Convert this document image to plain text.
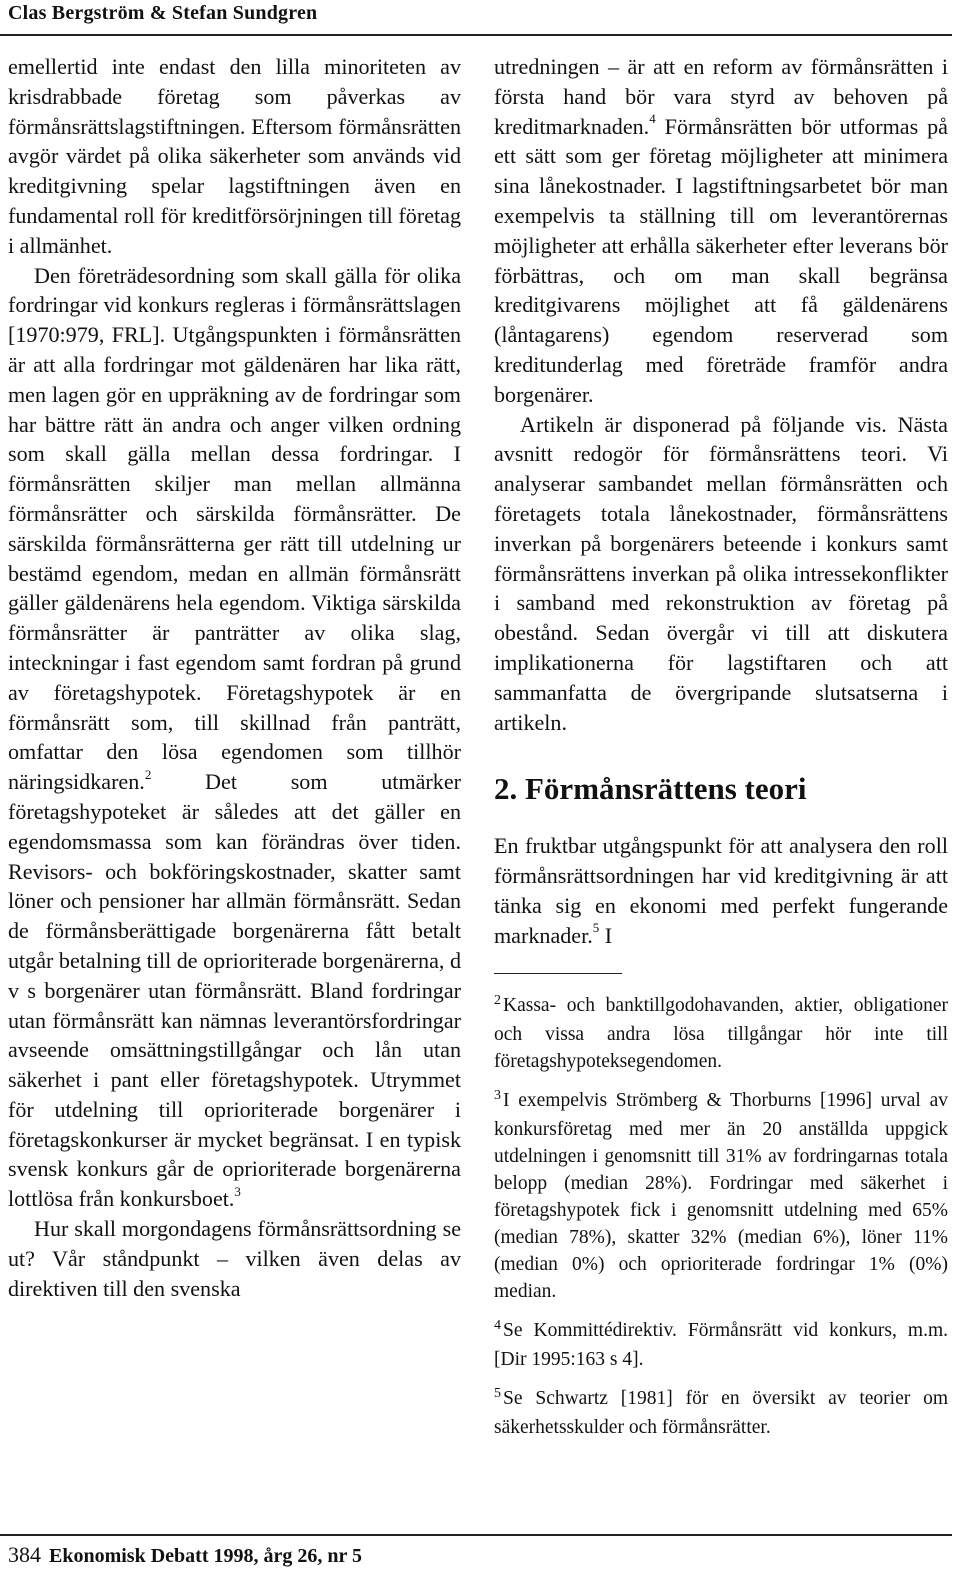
Clas Bergström & Stefan Sundgren

emellertid inte endast den lilla minoriteten av krisdrabbade företag som påverkas av förmånsrättslagstiftningen. Eftersom förmånsrätten avgör värdet på olika säkerheter som används vid kreditgivning spelar lagstiftningen även en fundamental roll för kreditförsörjningen till företag i allmänhet.

Den företrädesordning som skall gälla för olika fordringar vid konkurs regleras i förmånsrättslagen [1970:979, FRL]. Utgångspunkten i förmånsrätten är att alla fordringar mot gäldenären har lika rätt, men lagen gör en uppräkning av de fordringar som har bättre rätt än andra och anger vilken ordning som skall gälla mellan dessa fordringar. I förmånsrätten skiljer man mellan allmänna förmånsrätter och särskilda förmånsrätter. De särskilda förmånsrätterna ger rätt till utdelning ur bestämd egendom, medan en allmän förmånsrätt gäller gäldenärens hela egendom. Viktiga särskilda förmånsrätter är panträtter av olika slag, inteckningar i fast egendom samt fordran på grund av företagshypotek. Företagshypotek är en förmånsrätt som, till skillnad från panträtt, omfattar den lösa egendomen som tillhör näringsidkaren.$^2$ Det som utmärker företagshypoteket är således att det gäller en egendomsmassa som kan förändras över tiden. Revisors- och bokföringskostnader, skatter samt löner och pensioner har allmän förmånsrätt. Sedan de förmånsberättigade borgenärerna fått betalt utgår betalning till de oprioriterade borgenärerna, d v s borgenärer utan förmånsrätt. Bland fordringar utan förmånsrätt kan nämnas leverantörsfordringar avseende omsättningstillgångar och lån utan säkerhet i pant eller företagshypotek. Utrymmet för utdelning till oprioriterade borgenärer i företagskonkurser är mycket begränsat. I en typisk svensk konkurs går de oprioriterade borgenärerna lottlösa från konkursboet.$^3$

Hur skall morgondagens förmånsrättsordning se ut? Vår ståndpunkt – vilken även delas av direktiven till den svenska

utredningen – är att en reform av förmånsrätten i första hand bör vara styrd av behoven på kreditmarknaden.$^4$ Förmånsrätten bör utformas på ett sätt som ger företag möjligheter att minimera sina lånekostnader. I lagstiftningsarbetet bör man exempelvis ta ställning till om leverantörernas möjligheter att erhålla säkerheter efter leverans bör förbättras, och om man skall begränsa kreditgivarens möjlighet att få gäldenärens (låntagarens) egendom reserverad som kreditunderlag med företräde framför andra borgenärer.

Artikeln är disponerad på följande vis. Nästa avsnitt redogör för förmånsrättens teori. Vi analyserar sambandet mellan förmånsrätten och företagets totala lånekostnader, förmånsrättens inverkan på borgenärers beteende i konkurs samt förmånsrättens inverkan på olika intressekonflikter i samband med rekonstruktion av företag på obestånd. Sedan övergår vi till att diskutera implikationerna för lagstiftaren och att sammanfatta de övergripande slutsatserna i artikeln.

2. Förmånsrättens teori

En fruktbar utgångspunkt för att analysera den roll förmånsrättsordningen har vid kreditgivning är att tänka sig en ekonomi med perfekt fungerande marknader.$^5$ I

$^2$ Kassa- och banktillgodohavanden, aktier, obligationer och vissa andra lösa tillgångar hör inte till företagshypoteksegendomen.

$^3$ I exempelvis Strömberg & Thorburns [1996] urval av konkursföretag med mer än 20 anställda uppgick utdelningen i genomsnitt till 31% av fordringarnas totala belopp (median 28%). Fordringar med säkerhet i företagshypotek fick i genomsnitt utdelning med 65% (median 78%), skatter 32% (median 6%), löner 11% (median 0%) och oprioriterade fordringar 1% (0%) median.

$^4$ Se Kommittédirektiv. Förmånsrätt vid konkurs, m.m. [Dir 1995:163 s 4].

$^5$ Se Schwartz [1981] för en översikt av teorier om säkerhetsskulder och förmånsrätter.

384 Ekonomisk Debatt 1998, årg 26, nr 5
